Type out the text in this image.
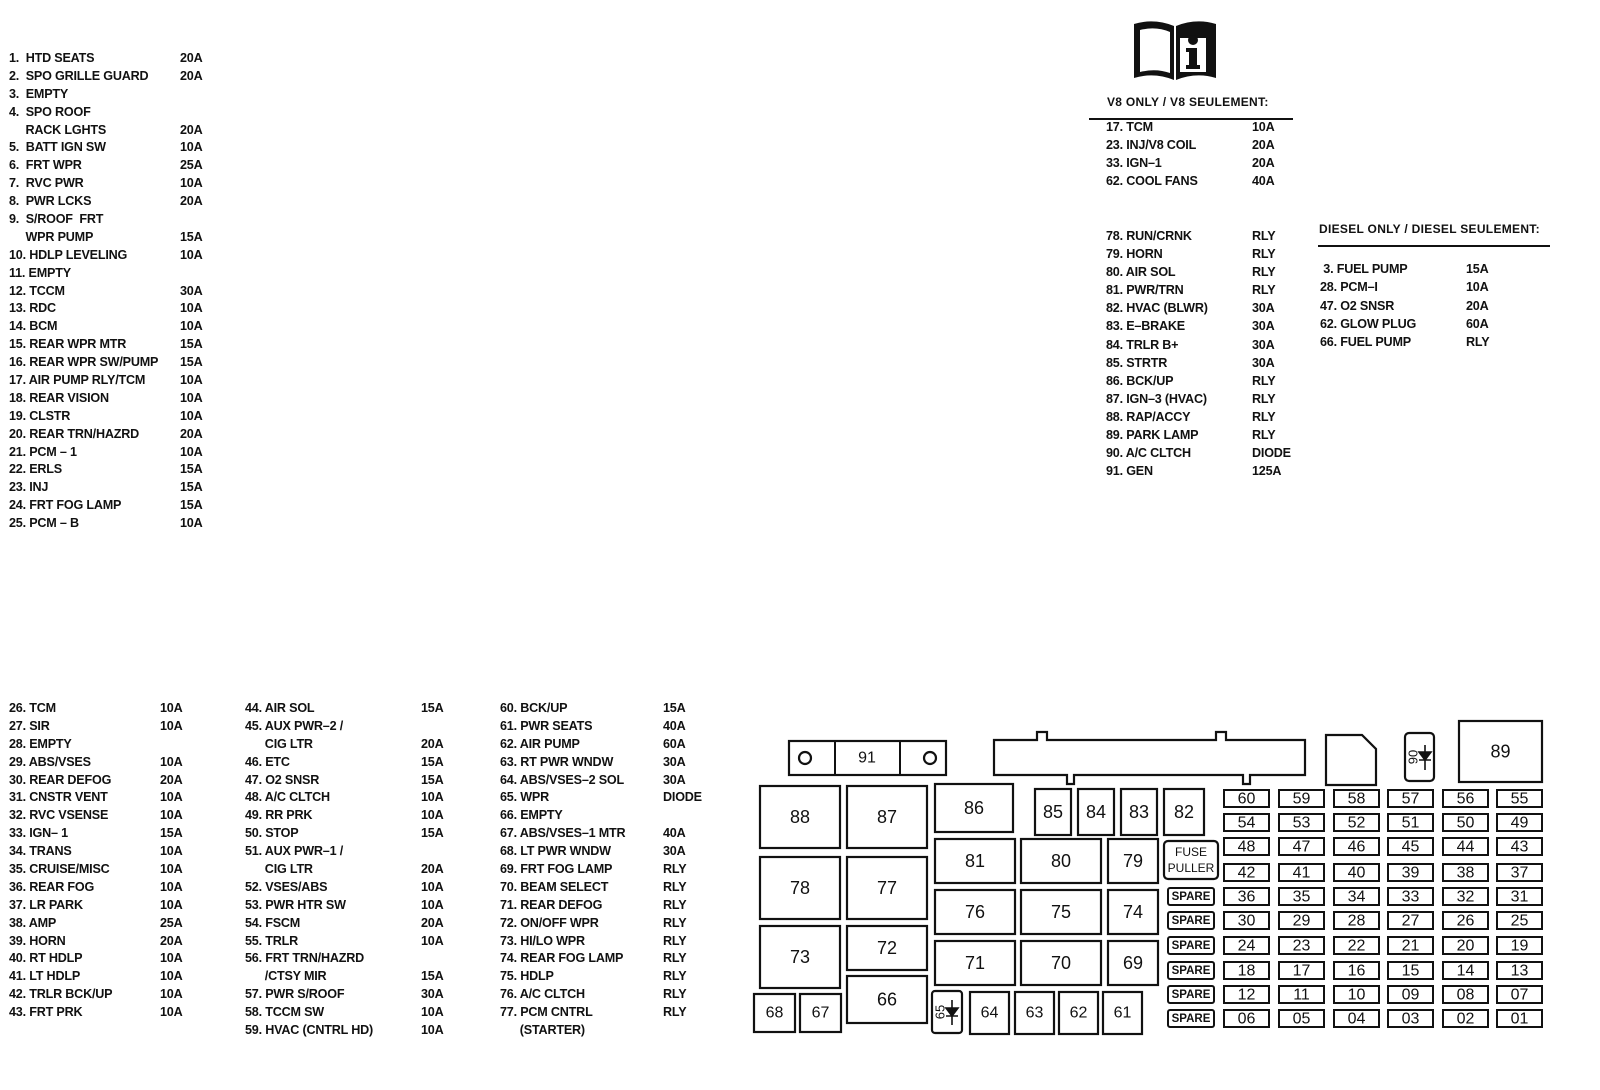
1.  HTD SEATS	20A
2.  SPO GRILLE GUARD	20A
3.  EMPTY
4.  SPO ROOF
RACK LGHTS	20A
5.  BATT IGN SW	10A
6.  FRT WPR	25A
7.  RVC PWR	10A
8.  PWR LCKS	20A
9.  S/ROOF  FRT
WPR PUMP	15A
10. HDLP LEVELING	10A
11. EMPTY
12. TCCM	30A
13. RDC	10A
14. BCM	10A
15. REAR WPR MTR	15A
16. REAR WPR SW/PUMP 15A
17. AIR PUMP RLY/TCM	10A
18. REAR VISION	10A
19. CLSTR	10A
20. REAR TRN/HAZRD	20A
21. PCM – 1	10A
22. ERLS	15A
23. INJ	15A
24. FRT FOG LAMP	15A
25. PCM – B	10A
V8 ONLY / V8 SEULEMENT:
17. TCM	10A
23. INJ/V8 COIL	20A
33. IGN–1	20A
62. COOL FANS	40A
78. RUN/CRNK	RLY
79. HORN	RLY
80. AIR SOL	RLY
81. PWR/TRN	RLY
82. HVAC (BLWR)	30A
83. E–BRAKE	30A
84. TRLR B+	30A
85. STRTR	30A
86. BCK/UP	RLY
87. IGN–3 (HVAC)	RLY
88. RAP/ACCY	RLY
89. PARK LAMP	RLY
90. A/C CLTCH	DIODE
91. GEN	125A
DIESEL ONLY / DIESEL SEULEMENT:
3. FUEL PUMP	15A
28. PCM–I	10A
47. O2 SNSR	20A
62. GLOW PLUG	60A
66. FUEL PUMP	RLY
26. TCM	10A
27. SIR	10A
28. EMPTY
29. ABS/VSES	10A
30. REAR DEFOG	20A
31. CNSTR VENT	10A
32. RVC VSENSE	10A
33. IGN– 1	15A
34. TRANS	10A
35. CRUISE/MISC	10A
36. REAR FOG	10A
37. LR PARK	10A
38. AMP	25A
39. HORN	20A
40. RT HDLP	10A
41. LT HDLP	10A
42. TRLR BCK/UP	10A
43. FRT PRK	10A
44. AIR SOL	15A
45. AUX PWR–2 /
CIG LTR	20A
46. ETC	15A
47. O2 SNSR	15A
48. A/C CLTCH	10A
49. RR PRK	10A
50. STOP	15A
51. AUX PWR–1 /
CIG LTR	20A
52. VSES/ABS	10A
53. PWR HTR SW	10A
54. FSCM	20A
55. TRLR	10A
56. FRT TRN/HAZRD
/CTSY MIR	15A
57. PWR S/ROOF	30A
58. TCCM SW	10A
59. HVAC (CNTRL HD)	10A
60. BCK/UP	15A
61. PWR SEATS	40A
62. AIR PUMP	60A
63. RT PWR WNDW	30A
64. ABS/VSES–2 SOL	30A
65. WPR	DIODE
66. EMPTY
67. ABS/VSES–1 MTR	40A
68. LT PWR WNDW	30A
69. FRT FOG LAMP	RLY
70. BEAM SELECT	RLY
71. REAR DEFOG	RLY
72. ON/OFF WPR	RLY
73. HI/LO WPR	RLY
74. REAR FOG LAMP	RLY
75. HDLP	RLY
76. A/C CLTCH	RLY
77. PCM CNTRL	RLY
(STARTER)
91	90	89
88	87	86	85 84 83 82
81	80	79
78	77
76	75	74
73	72
71	70	69
66
68 67	65 64 63 62 61
FUSE
PULLER
SPARE
SPARE
SPARE
SPARE
SPARE
SPARE
60 59 58 57 56 55
54 53 52 51 50 49
48 47 46 45 44 43
42 41 40 39 38 37
36 35 34 33 32 31
30 29 28 27 26 25
24 23 22 21 20 19
18 17 16 15 14 13
12 11 10 09 08 07
06 05 04 03 02 01
